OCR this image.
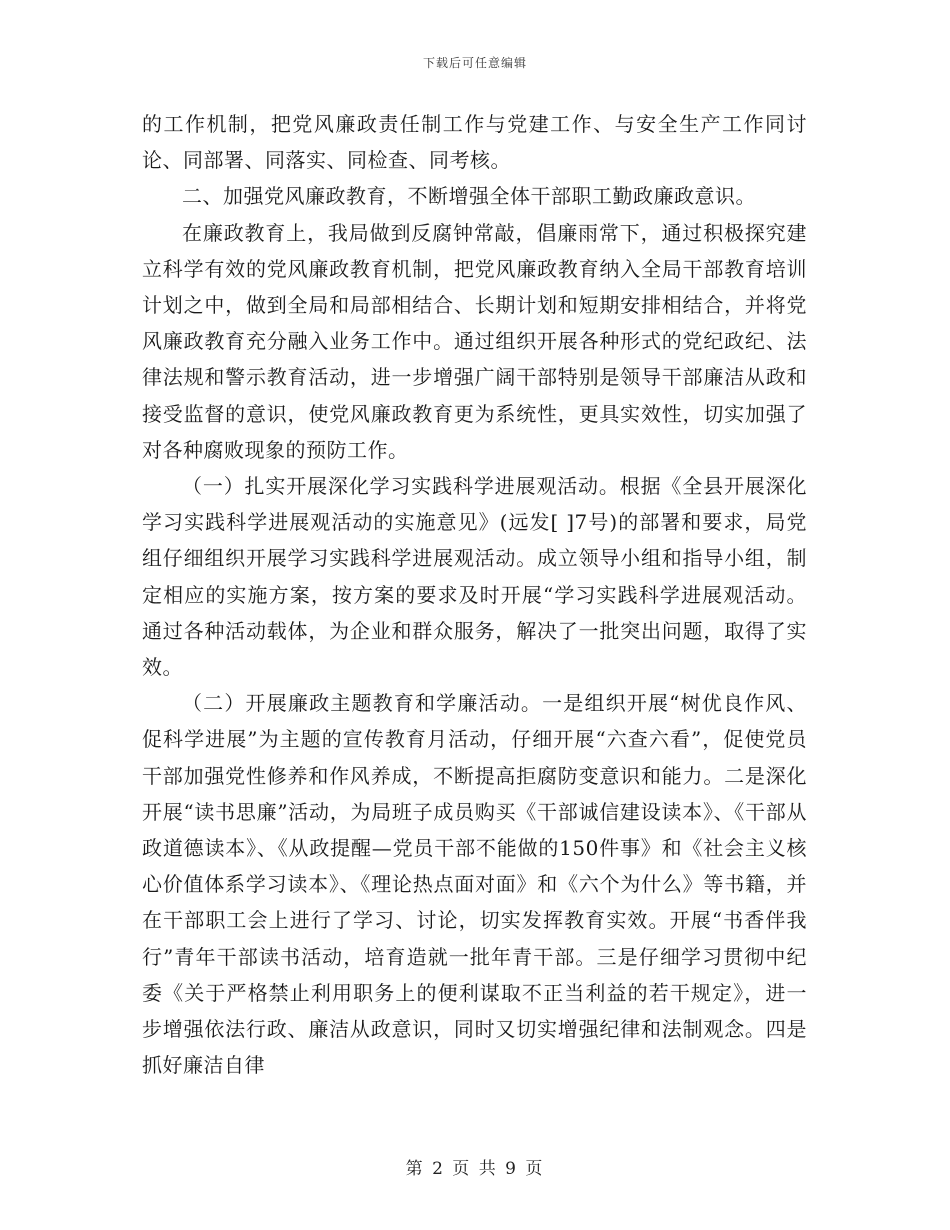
下载后可任意编辑

的工作机制，把党风廉政责任制工作与党建工作、与安全生产工作同讨论、同部署、同落实、同检查、同考核。

二、加强党风廉政教育，不断增强全体干部职工勤政廉政意识。

在廉政教育上，我局做到反腐钟常敲，倡廉雨常下，通过积极探究建立科学有效的党风廉政教育机制，把党风廉政教育纳入全局干部教育培训计划之中，做到全局和局部相结合、长期计划和短期安排相结合，并将党风廉政教育充分融入业务工作中。通过组织开展各种形式的党纪政纪、法律法规和警示教育活动，进一步增强广阔干部特别是领导干部廉洁从政和接受监督的意识，使党风廉政教育更为系统性，更具实效性，切实加强了对各种腐败现象的预防工作。

（一）扎实开展深化学习实践科学进展观活动。根据《全县开展深化学习实践科学进展观活动的实施意见》(远发[ ]7号)的部署和要求，局党组仔细组织开展学习实践科学进展观活动。成立领导小组和指导小组，制定相应的实施方案，按方案的要求及时开展“学习实践科学进展观活动。通过各种活动载体，为企业和群众服务，解决了一批突出问题，取得了实效。

（二）开展廉政主题教育和学廉活动。一是组织开展“树优良作风、促科学进展”为主题的宣传教育月活动，仔细开展“六查六看”，促使党员干部加强党性修养和作风养成，不断提高拒腐防变意识和能力。二是深化开展“读书思廉”活动，为局班子成员购买《干部诚信建设读本》、《干部从政道德读本》、《从政提醒—党员干部不能做的150件事》和《社会主义核心价值体系学习读本》、《理论热点面对面》和《六个为什么》等书籍，并在干部职工会上进行了学习、讨论，切实发挥教育实效。开展“书香伴我行”青年干部读书活动，培育造就一批年青干部。三是仔细学习贯彻中纪委《关于严格禁止利用职务上的便利谋取不正当利益的若干规定》，进一步增强依法行政、廉洁从政意识，同时又切实增强纪律和法制观念。四是抓好廉洁自律

第 2 页 共 9 页
